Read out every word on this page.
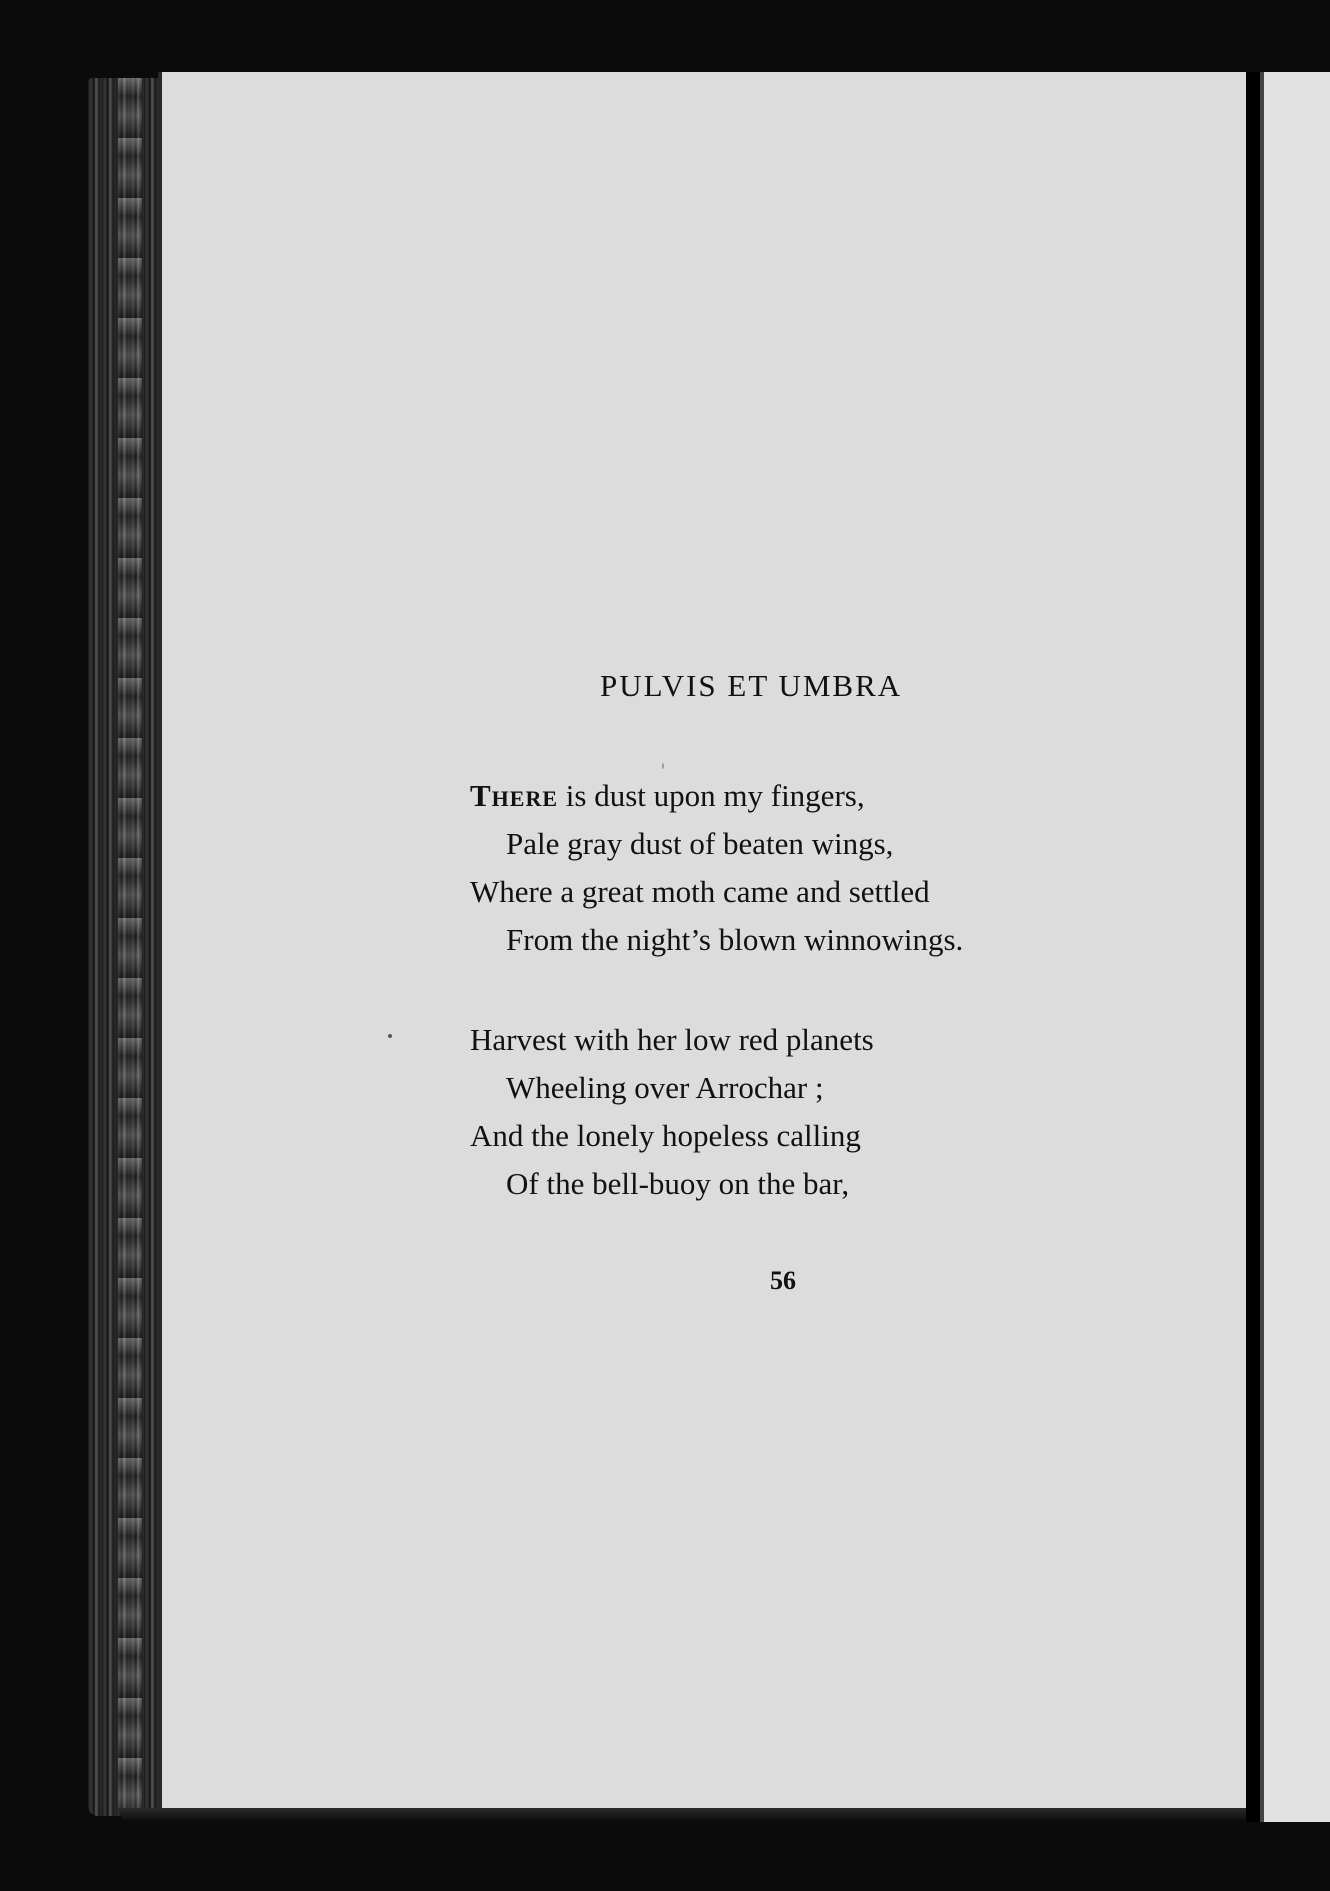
PULVIS ET UMBRA
There is dust upon my fingers,
Pale gray dust of beaten wings,
Where a great moth came and settled
From the night’s blown winnowings.
Harvest with her low red planets
Wheeling over Arrochar ;
And the lonely hopeless calling
Of the bell-buoy on the bar,
56
